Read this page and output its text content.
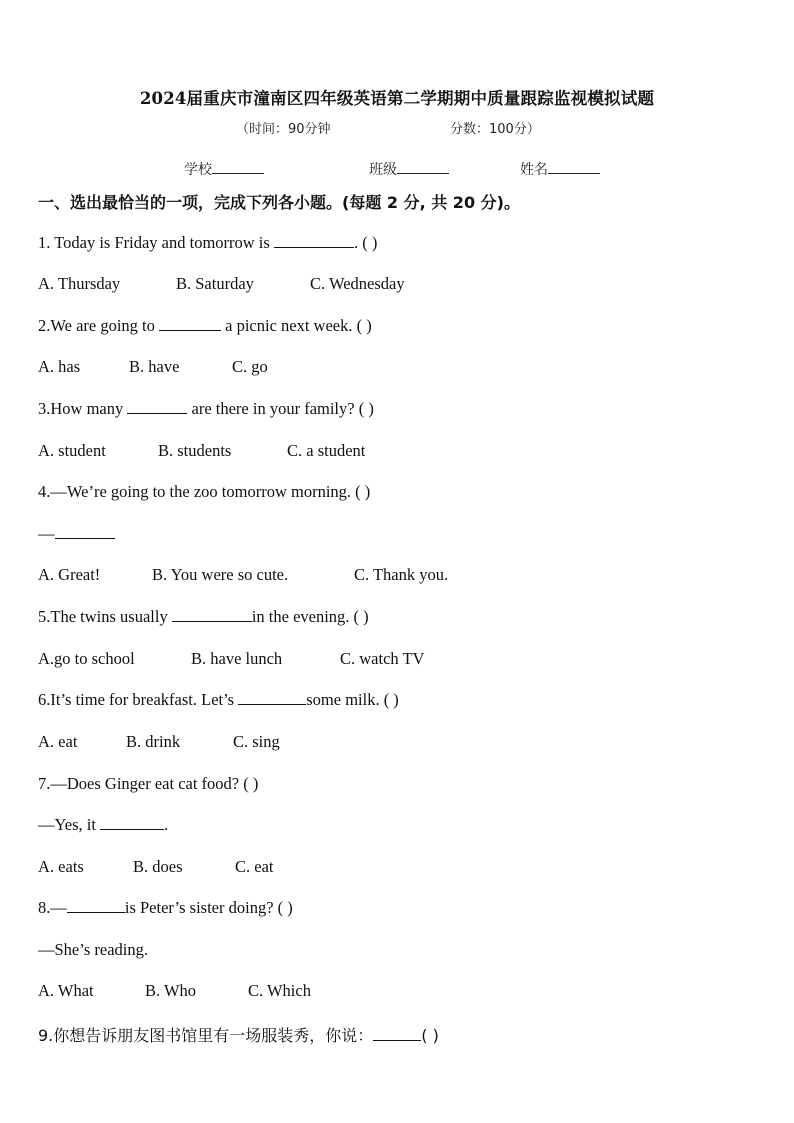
2024届重庆市潼南区四年级英语第二学期期中质量跟踪监视模拟试题
（时间：90分钟	分数：100分）
学校	班级	姓名
一、选出最恰当的一项，完成下列各小题。(每题 2 分, 共 20 分)。
1. Today is Friday and tomorrow is	. ( )
A. Thursday	B. Saturday	C. Wednesday
2.We are going to	a picnic next week. ( )
A. has	B. have	C. go
3.How many	are there in your family? ( )
A. student	B. students	C. a student
4.—We’re going to the zoo tomorrow morning. ( )
—
A. Great!	B. You were so cute.	C. Thank you.
5.The twins usually	in the evening. ( )
A.go to school	B. have lunch	C. watch TV
6.It’s time for breakfast. Let’s	some milk. ( )
A. eat	B. drink	C. sing
7.—Does Ginger eat cat food? ( )
—Yes, it	.
A. eats	B. does	C. eat
8.—	is Peter’s sister doing? ( )
—She’s reading.
A. What	B. Who	C. Which
9.你想告诉朋友图书馆里有一场服装秀，你说：	( )
